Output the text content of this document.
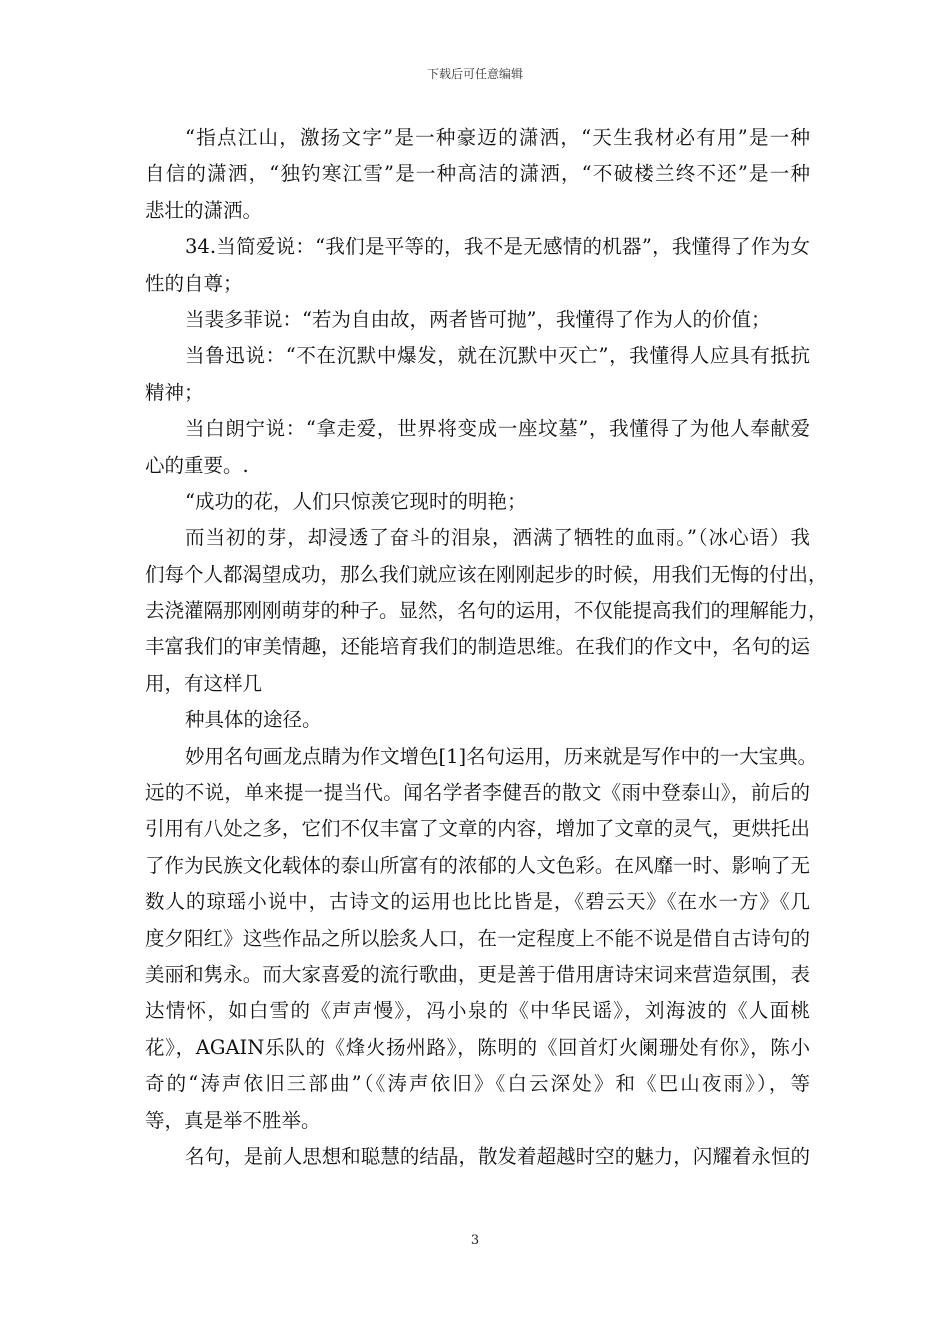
下载后可任意编辑
“指点江山，激扬文字”是一种豪迈的潇洒，“天生我材必有用”是一种
自信的潇洒，“独钓寒江雪”是一种高洁的潇洒，“不破楼兰终不还”是一种
悲壮的潇洒。
34.当简爱说：“我们是平等的，我不是无感情的机器”，我懂得了作为女
性的自尊；
当裴多菲说：“若为自由故，两者皆可抛”，我懂得了作为人的价值；
当鲁迅说：“不在沉默中爆发，就在沉默中灭亡”，我懂得人应具有抵抗
精神；
当白朗宁说：“拿走爱，世界将变成一座坟墓”，我懂得了为他人奉献爱
心的重要。.
“成功的花，人们只惊羡它现时的明艳；
而当初的芽，却浸透了奋斗的泪泉，洒满了牺牲的血雨。”（冰心语）我
们每个人都渴望成功，那么我们就应该在刚刚起步的时候，用我们无悔的付出，
去浇灌隔那刚刚萌芽的种子。显然，名句的运用，不仅能提高我们的理解能力，
丰富我们的审美情趣，还能培育我们的制造思维。在我们的作文中，名句的运
用，有这样几
种具体的途径。
妙用名句画龙点睛为作文增色[1]名句运用，历来就是写作中的一大宝典。
远的不说，单来提一提当代。闻名学者李健吾的散文《雨中登泰山》，前后的
引用有八处之多，它们不仅丰富了文章的内容，增加了文章的灵气，更烘托出
了作为民族文化载体的泰山所富有的浓郁的人文色彩。在风靡一时、影响了无
数人的琼瑶小说中，古诗文的运用也比比皆是，《碧云天》《在水一方》《几
度夕阳红》这些作品之所以脍炙人口，在一定程度上不能不说是借自古诗句的
美丽和隽永。而大家喜爱的流行歌曲，更是善于借用唐诗宋词来营造氛围，表
达情怀，如白雪的《声声慢》，冯小泉的《中华民谣》，刘海波的《人面桃
花》，AGAIN乐队的《烽火扬州路》，陈明的《回首灯火阑珊处有你》，陈小
奇的“涛声依旧三部曲”（《涛声依旧》《白云深处》和《巴山夜雨》），等
等，真是举不胜举。
名句，是前人思想和聪慧的结晶，散发着超越时空的魅力，闪耀着永恒的
3
